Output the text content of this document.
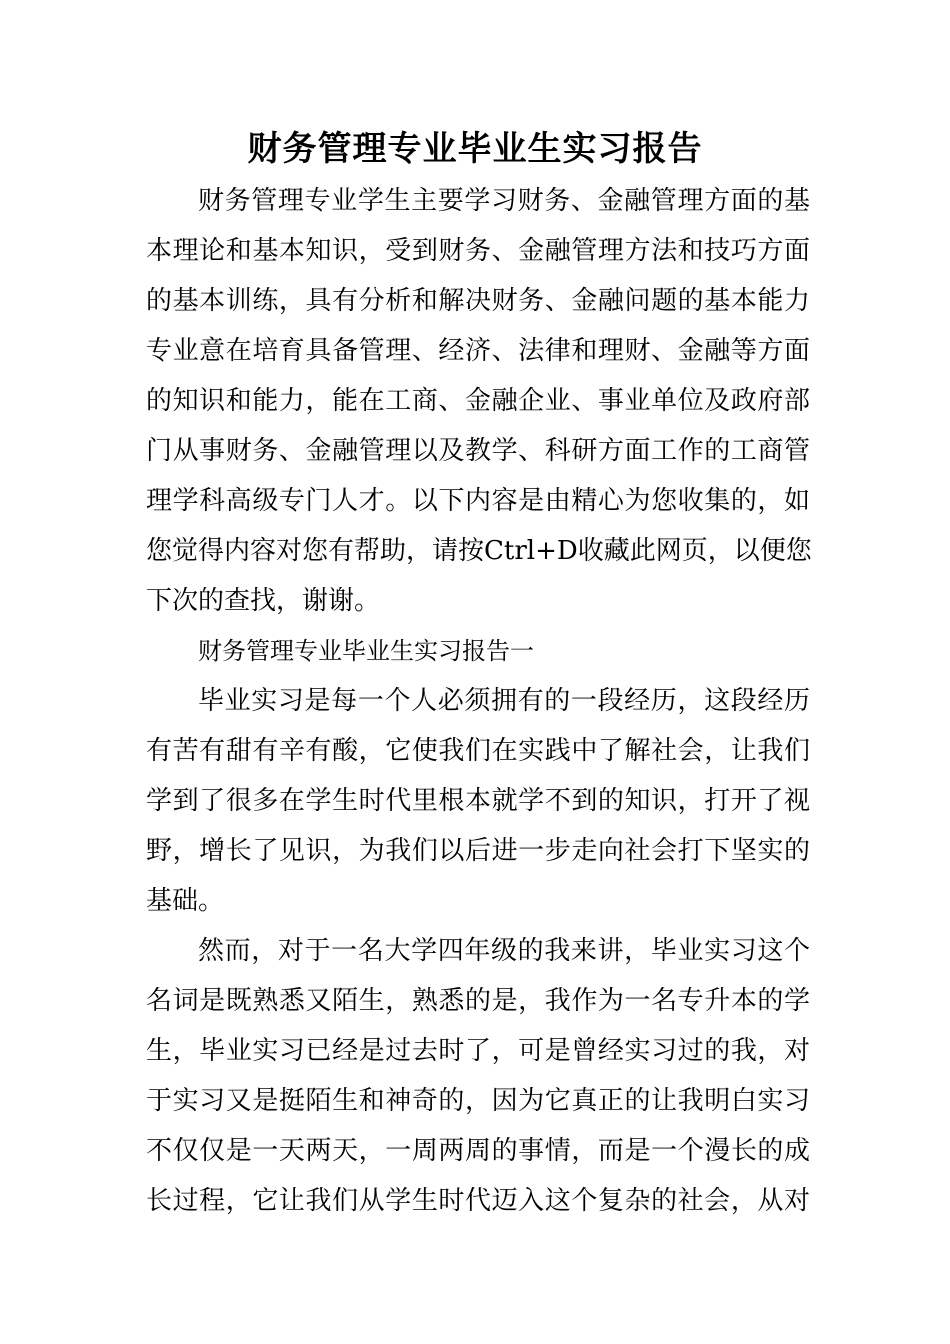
财务管理专业毕业生实习报告
财务管理专业学生主要学习财务、金融管理方面的基
本理论和基本知识，受到财务、金融管理方法和技巧方面
的基本训练，具有分析和解决财务、金融问题的基本能力
专业意在培育具备管理、经济、法律和理财、金融等方面
的知识和能力，能在工商、金融企业、事业单位及政府部
门从事财务、金融管理以及教学、科研方面工作的工商管
理学科高级专门人才。以下内容是由精心为您收集的，如
您觉得内容对您有帮助，请按Ctrl+D收藏此网页，以便您
下次的查找，谢谢。
财务管理专业毕业生实习报告一
毕业实习是每一个人必须拥有的一段经历，这段经历
有苦有甜有辛有酸，它使我们在实践中了解社会，让我们
学到了很多在学生时代里根本就学不到的知识，打开了视
野，增长了见识，为我们以后进一步走向社会打下坚实的
基础。
然而，对于一名大学四年级的我来讲，毕业实习这个
名词是既熟悉又陌生，熟悉的是，我作为一名专升本的学
生，毕业实习已经是过去时了，可是曾经实习过的我，对
于实习又是挺陌生和神奇的，因为它真正的让我明白实习
不仅仅是一天两天，一周两周的事情，而是一个漫长的成
长过程，它让我们从学生时代迈入这个复杂的社会，从对
